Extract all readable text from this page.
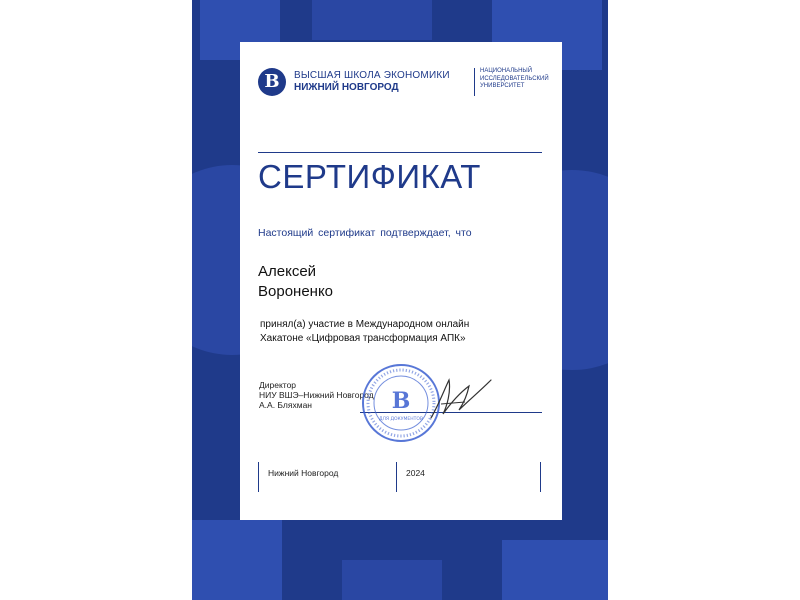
В	ВЫСШАЯ ШКОЛА ЭКОНОМИКИ
НИЖНИЙ НОВГОРОД
НАЦИОНАЛЬНЫЙ
ИССЛЕДОВАТЕЛЬСКИЙ
УНИВЕРСИТЕТ
СЕРТИФИКАТ
Настоящий сертификат подтверждает, что
Алексей
Вороненко
принял(а) участие в Международном онлайн
Хакатоне «Цифровая трансформация АПК»
Директор
НИУ ВШЭ–Нижний Новгород
А.А. Бляхман	В
ДЛЯ ДОКУМЕНТОВ
Нижний Новгород	2024
